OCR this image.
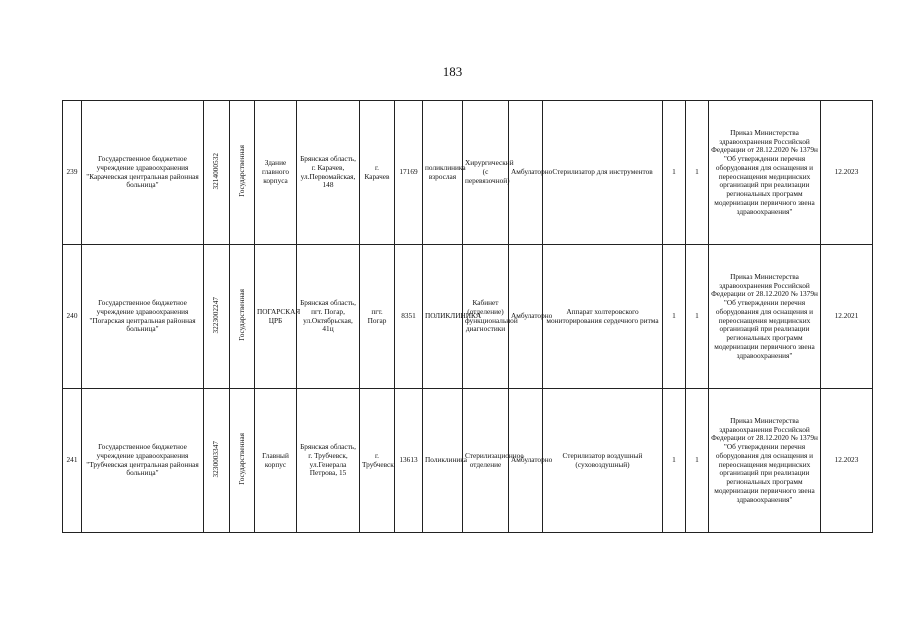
183
239	Государственное бюджетное учреждение здравоохранения "Карачевская центральная районная больница"	3214000532	Государственная	Здание главного корпуса	Брянская область, г. Карачев, ул.Первомайская, 148	г. Карачев	17169	поликлиника взрослая	Хирургический (с перевязочной)	Амбулаторно	Стерилизатор для инструментов	1	1	Приказ Министерства здравоохранения Российской Федерации от 28.12.2020 № 1379н "Об утверждении перечня оборудования для оснащения и переоснащения медицинских организаций при реализации региональных программ модернизации первичного звена здравоохранения"	12.2023
240	Государственное бюджетное учреждение здравоохранения "Погарская центральная районная больница"	3223002247	Государственная	ПОГАРСКАЯ ЦРБ	Брянская область, пгт. Погар, ул.Октябрьская, 41ц	пгт. Погар	8351	ПОЛИКЛИНИКА	Кабинет (отделение) функциональной диагностики	Амбулаторно	Аппарат холтеровского мониторирования сердечного ритма	1	1	Приказ Министерства здравоохранения Российской Федерации от 28.12.2020 № 1379н "Об утверждении перечня оборудования для оснащения и переоснащения медицинских организаций при реализации региональных программ модернизации первичного звена здравоохранения"	12.2021
241	Государственное бюджетное учреждение здравоохранения "Трубчевская центральная районная больница"	3230003347	Государственная	Главный корпус	Брянская область, г. Трубчевск, ул.Генерала Петрова, 15	г. Трубчевск	13613	Поликлиника	Стерилизационное отделение	Амбулаторно	Стерилизатор воздушный (суховоздушный)	1	1	Приказ Министерства здравоохранения Российской Федерации от 28.12.2020 № 1379н "Об утверждении перечня оборудования для оснащения и переоснащения медицинских организаций при реализации региональных программ модернизации первичного звена здравоохранения"	12.2023
